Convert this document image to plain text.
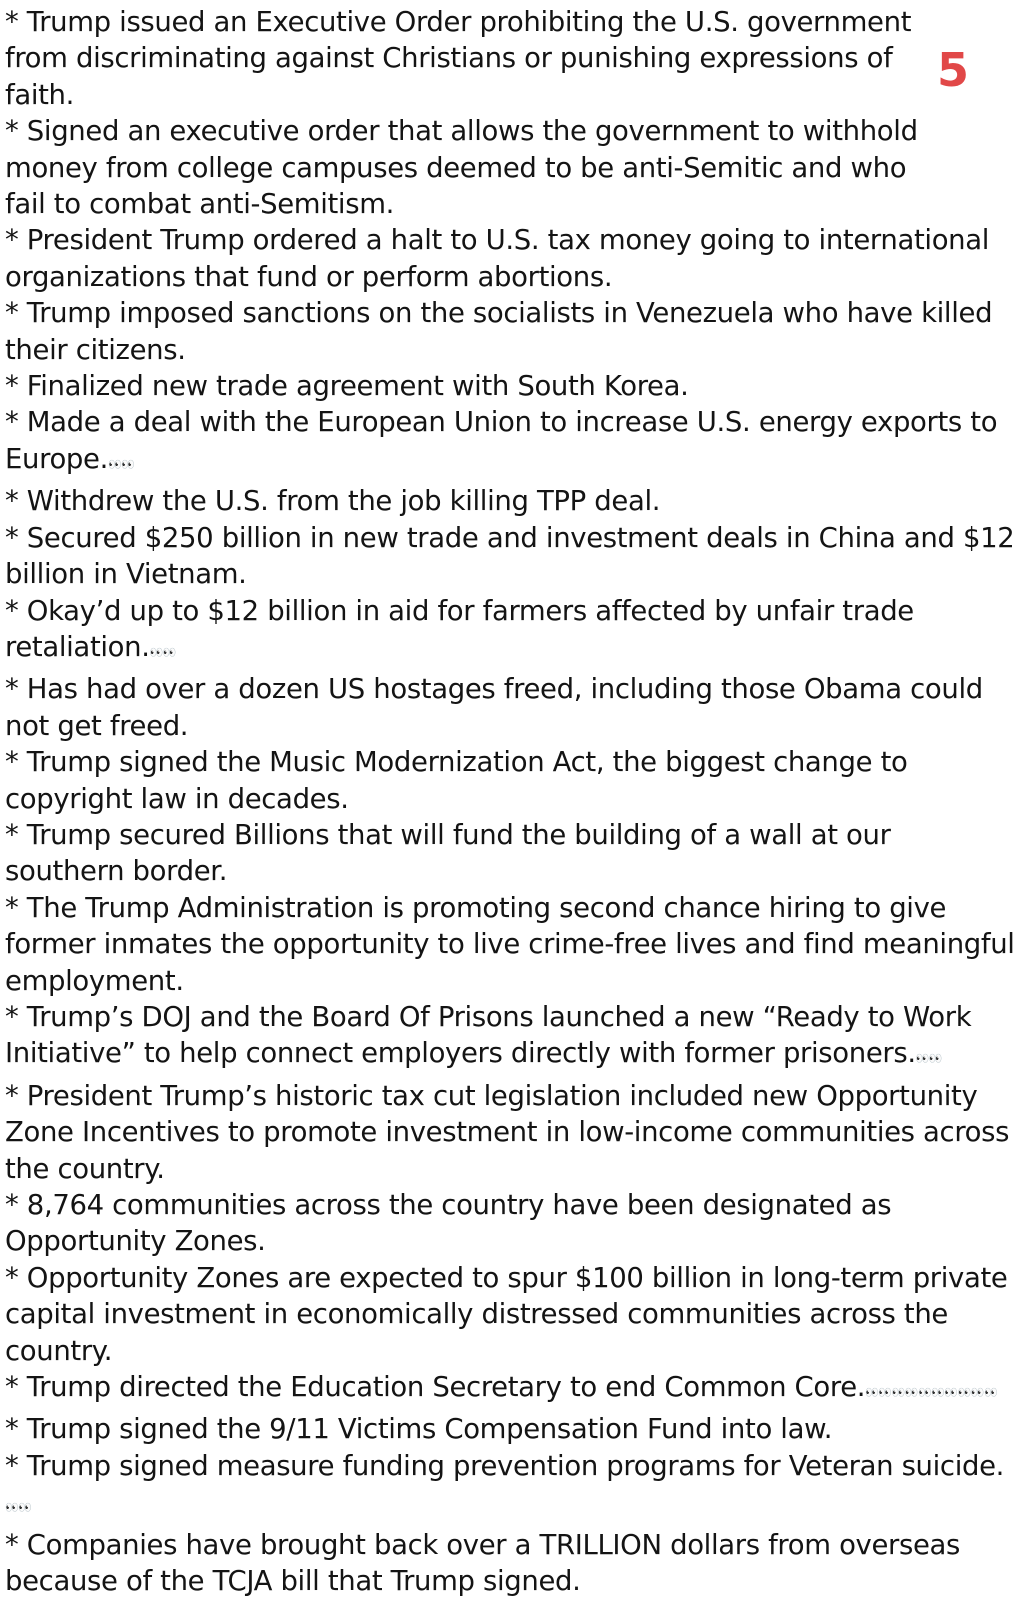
* Trump issued an Executive Order prohibiting the U.S. government from discriminating against Christians or punishing expressions of faith.

* Signed an executive order that allows the government to withhold money from college campuses deemed to be anti-Semitic and who fail to combat anti-Semitism.

* President Trump ordered a halt to U.S. tax money going to international organizations that fund or perform abortions.

* Trump imposed sanctions on the socialists in Venezuela who have killed their citizens.

* Finalized new trade agreement with South Korea.

* Made a deal with the European Union to increase U.S. energy exports to Europe.👀👀

* Withdrew the U.S. from the job killing TPP deal.

* Secured $250 billion in new trade and investment deals in China and $12 billion in Vietnam.

* Okay’d up to $12 billion in aid for farmers affected by unfair trade retaliation.👀👀

* Has had over a dozen US hostages freed, including those Obama could not get freed.

* Trump signed the Music Modernization Act, the biggest change to copyright law in decades.

* Trump secured Billions that will fund the building of a wall at our southern border.

* The Trump Administration is promoting second chance hiring to give former inmates the opportunity to live crime-free lives and find meaningful employment.

* Trump’s DOJ and the Board Of Prisons launched a new “Ready to Work Initiative” to help connect employers directly with former prisoners.👀👀

* President Trump’s historic tax cut legislation included new Opportunity Zone Incentives to promote investment in low-income communities across the country.

* 8,764 communities across the country have been designated as Opportunity Zones.

* Opportunity Zones are expected to spur $100 billion in long-term private capital investment in economically distressed communities across the country.

* Trump directed the Education Secretary to end Common Core.👀👀👀👀👀👀👀👀👀👀

* Trump signed the 9/11 Victims Compensation Fund into law.

* Trump signed measure funding prevention programs for Veteran suicide.👀👀

* Companies have brought back over a TRILLION dollars from overseas because of the TCJA bill that Trump signed.

5
